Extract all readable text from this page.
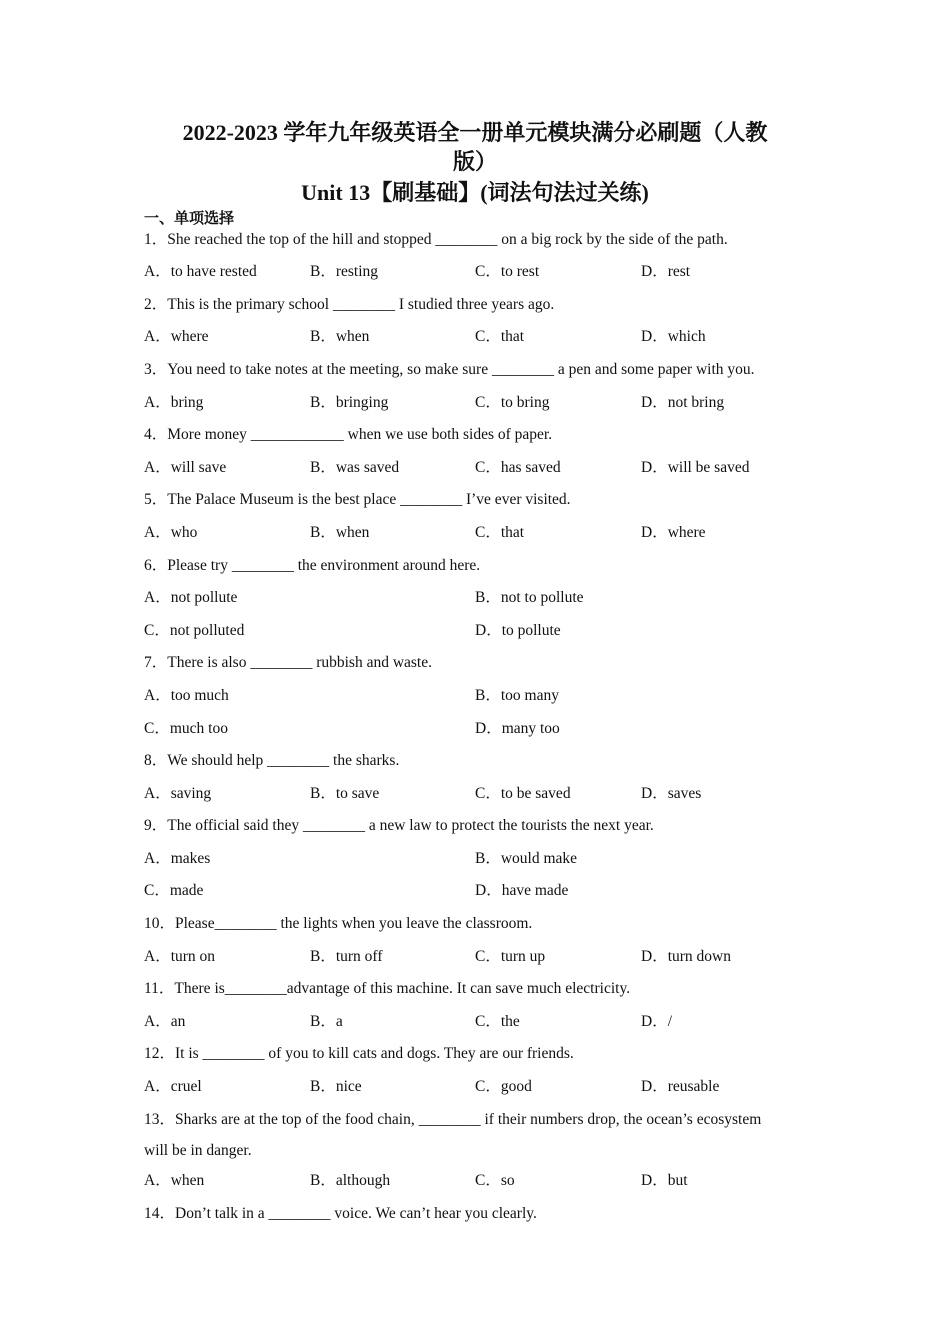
2022-2023 学年九年级英语全一册单元模块满分必刷题（人教
版）
Unit 13【刷基础】(词法句法过关练)
一、单项选择
1．She reached the top of the hill and stopped ________ on a big rock by the side of the path.
A．to have rested	B．resting	C．to rest	D．rest
2．This is the primary school ________ I studied three years ago.
A．where	B．when	C．that	D．which
3．You need to take notes at the meeting, so make sure ________ a pen and some paper with you.
A．bring	B．bringing	C．to bring	D．not bring
4．More money ____________ when we use both sides of paper.
A．will save	B．was saved	C．has saved	D．will be saved
5．The Palace Museum is the best place ________ I’ve ever visited.
A．who	B．when	C．that	D．where
6．Please try ________ the environment around here.
A．not pollute	B．not to pollute
C．not polluted	D．to pollute
7．There is also ________ rubbish and waste.
A．too much	B．too many
C．much too	D．many too
8．We should help ________ the sharks.
A．saving	B．to save	C．to be saved	D．saves
9．The official said they ________ a new law to protect the tourists the next year.
A．makes	B．would make
C．made	D．have made
10．Please________ the lights when you leave the classroom.
A．turn on	B．turn off	C．turn up	D．turn down
11．There is________advantage of this machine. It can save much electricity.
A．an	B．a	C．the	D．/
12．It is ________ of you to kill cats and dogs. They are our friends.
A．cruel	B．nice	C．good	D．reusable
13．Sharks are at the top of the food chain, ________ if their numbers drop, the ocean’s ecosystem
will be in danger.
A．when	B．although	C．so	D．but
14．Don’t talk in a ________ voice. We can’t hear you clearly.
